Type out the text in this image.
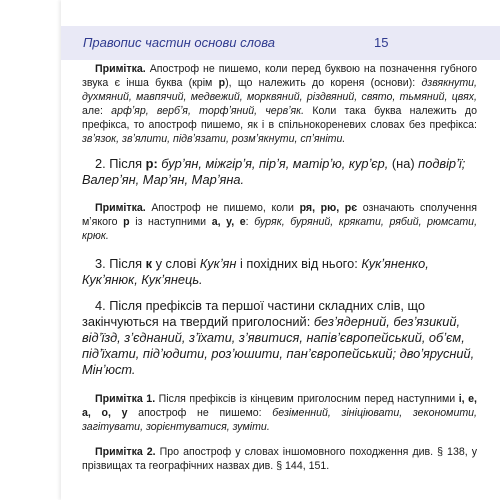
Правопис частин основи слова	15

Примітка. Апостроф не пишемо, коли перед буквою на позначення губного звука є інша буква (крім р), що належить до кореня (основи): дзвякнути, духмяний, мавпячий, медвежий, морквяний, різдвяний, свято, тьмяний, цвях, але: арфʼяр, вербʼя, торфʼяний, червʼяк. Коли така буква належить до префікса, то апостроф пишемо, як і в спільнокореневих словах без префікса: звʼязок, звʼялити, підвʼязати, розмʼякнути, спʼяніти.

2. Після р: бурʼян, міжгірʼя, пірʼя, матірʼю, курʼєр, (на) подвірʼї; Валерʼян, Марʼян, Марʼяна.

Примітка. Апостроф не пишемо, коли ря, рю, рє означають сполучення мʼякого р із наступними а, у, е: буряк, буряний, крякати, рябий, рюмсати, крюк.

3. Після к у слові Кукʼян і похідних від нього: Кукʼяненко, Кукʼянюк, Кукʼянець.

4. Після префіксів та першої частини складних слів, що закінчуються на твердий приголосний: безʼядерний, безʼязикий, відʼїзд, зʼєднаний, зʼїхати, зʼявитися, напівʼєвропейський, обʼєм, підʼїхати, підʼюдити, розʼюшити, панʼєвропейський; двоʼярусний, Мінʼюст.

Примітка 1. Після префіксів із кінцевим приголосним перед наступними і, е, а, о, у апостроф не пишемо: безіменний, зініціювати, зекономити, загітувати, зорієнтуватися, зуміти.

Примітка 2. Про апостроф у словах іншомовного походження див. § 138, у прізвищах та географічних назвах див. § 144, 151.
